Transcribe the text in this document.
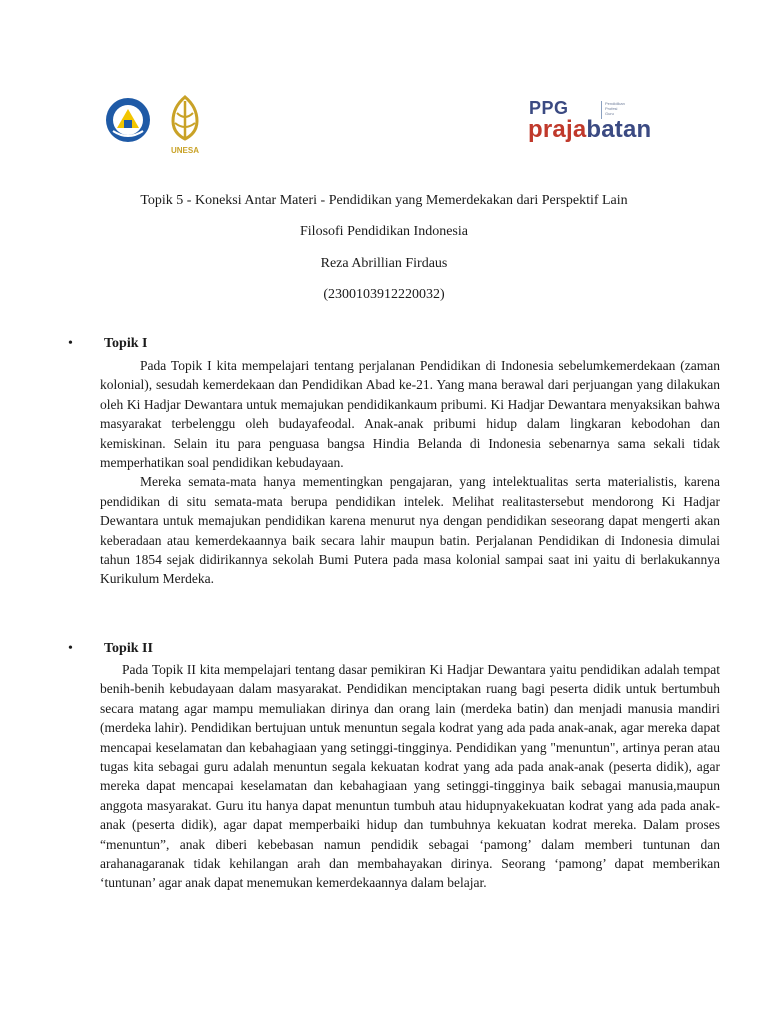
UNESA
PPG	Pendidikan
Profesi
Guru
prajabatan
Topik 5 - Koneksi Antar Materi - Pendidikan yang Memerdekakan dari Perspektif Lain
Filosofi Pendidikan Indonesia
Reza Abrillian Firdaus
(2300103912220032)
• Topik I

Pada Topik I kita mempelajari tentang perjalanan Pendidikan di Indonesia sebelumkemerdekaan (zaman kolonial), sesudah kemerdekaan dan Pendidikan Abad ke-21. Yang mana berawal dari perjuangan yang dilakukan oleh Ki Hadjar Dewantara untuk memajukan pendidikankaum pribumi. Ki Hadjar Dewantara menyaksikan bahwa masyarakat terbelenggu oleh budayafeodal. Anak-anak pribumi hidup dalam lingkaran kebodohan dan kemiskinan. Selain itu para penguasa bangsa Hindia Belanda di Indonesia sebenarnya sama sekali tidak memperhatikan soal pendidikan kebudayaan.

Mereka semata-mata hanya mementingkan pengajaran, yang intelektualitas serta materialistis, karena pendidikan di situ semata-mata berupa pendidikan intelek. Melihat realitastersebut mendorong Ki Hadjar Dewantara untuk memajukan pendidikan karena menurut nya dengan pendidikan seseorang dapat mengerti akan keberadaan atau kemerdekaannya baik secara lahir maupun batin. Perjalanan Pendidikan di Indonesia dimulai tahun 1854 sejak didirikannya sekolah Bumi Putera pada masa kolonial sampai saat ini yaitu di berlakukannya Kurikulum Merdeka.

• Topik II

Pada Topik II kita mempelajari tentang dasar pemikiran Ki Hadjar Dewantara yaitu pendidikan adalah tempat benih-benih kebudayaan dalam masyarakat. Pendidikan menciptakan ruang bagi peserta didik untuk bertumbuh secara matang agar mampu memuliakan dirinya dan orang lain (merdeka batin) dan menjadi manusia mandiri (merdeka lahir). Pendidikan bertujuan untuk menuntun segala kodrat yang ada pada anak-anak, agar mereka dapat mencapai keselamatan dan kebahagiaan yang setinggi-tingginya. Pendidikan yang "menuntun", artinya peran atau tugas kita sebagai guru adalah menuntun segala kekuatan kodrat yang ada pada anak-anak (peserta didik), agar mereka dapat mencapai keselamatan dan kebahagiaan yang setinggi-tingginya baik sebagai manusia,maupun anggota masyarakat. Guru itu hanya dapat menuntun tumbuh atau hidupnyakekuatan kodrat yang ada pada anak-anak (peserta didik), agar dapat memperbaiki hidup dan tumbuhnya kekuatan kodrat mereka. Dalam proses “menuntun”, anak diberi kebebasan namun pendidik sebagai ‘pamong’ dalam memberi tuntunan dan arahanagaranak tidak kehilangan arah dan membahayakan dirinya. Seorang ‘pamong’ dapat memberikan ‘tuntunan’ agar anak dapat menemukan kemerdekaannya dalam belajar.
